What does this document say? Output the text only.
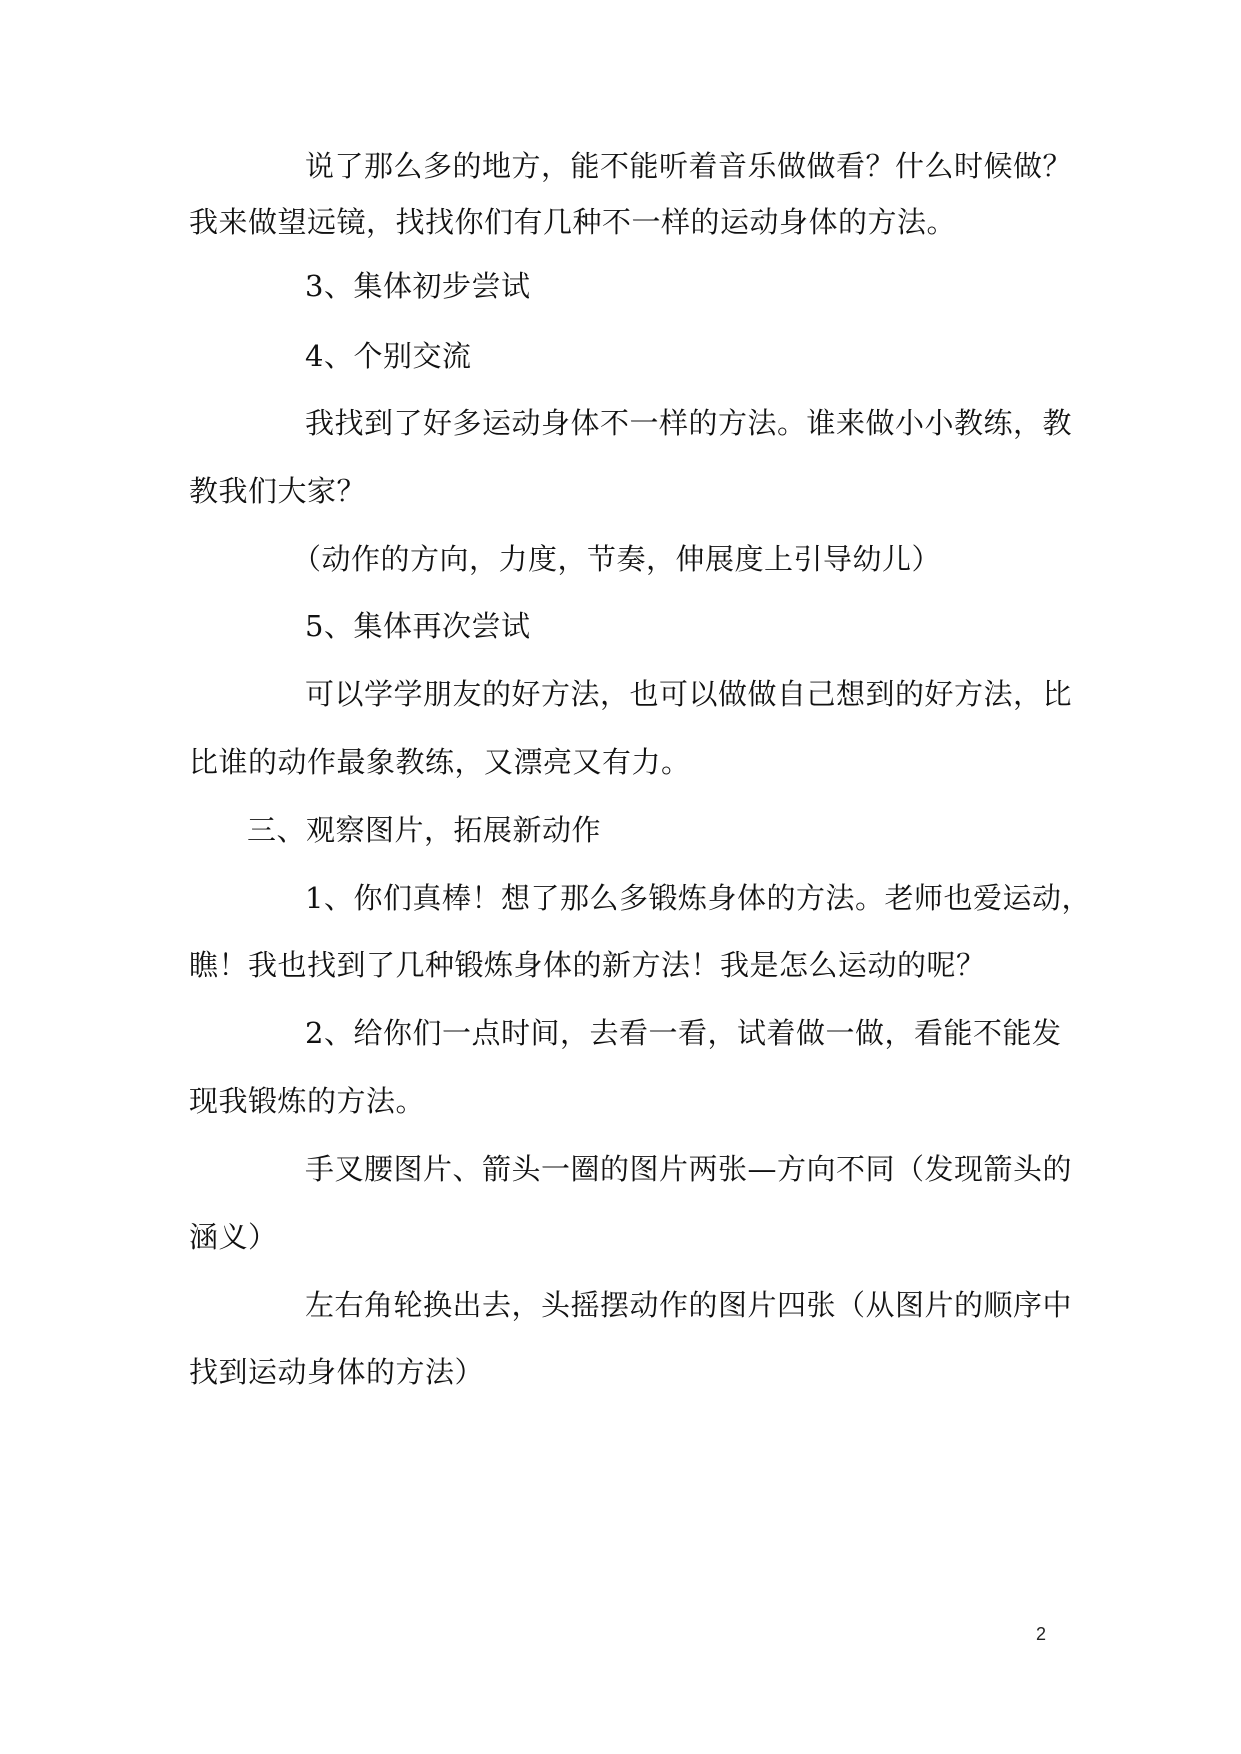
说了那么多的地方，能不能听着音乐做做看？什么时候做？
我来做望远镜，找找你们有几种不一样的运动身体的方法。
3、集体初步尝试
4、个别交流
我找到了好多运动身体不一样的方法。谁来做小小教练，教
教我们大家？
（动作的方向，力度，节奏，伸展度上引导幼儿）
5、集体再次尝试
可以学学朋友的好方法，也可以做做自己想到的好方法，比
比谁的动作最象教练，又漂亮又有力。
三、观察图片，拓展新动作
1、你们真棒！想了那么多锻炼身体的方法。老师也爱运动，
瞧！我也找到了几种锻炼身体的新方法！我是怎么运动的呢？
2、给你们一点时间，去看一看，试着做一做，看能不能发
现我锻炼的方法。
手叉腰图片、箭头一圈的图片两张—方向不同（发现箭头的
涵义）
左右角轮换出去，头摇摆动作的图片四张（从图片的顺序中
找到运动身体的方法）
2
